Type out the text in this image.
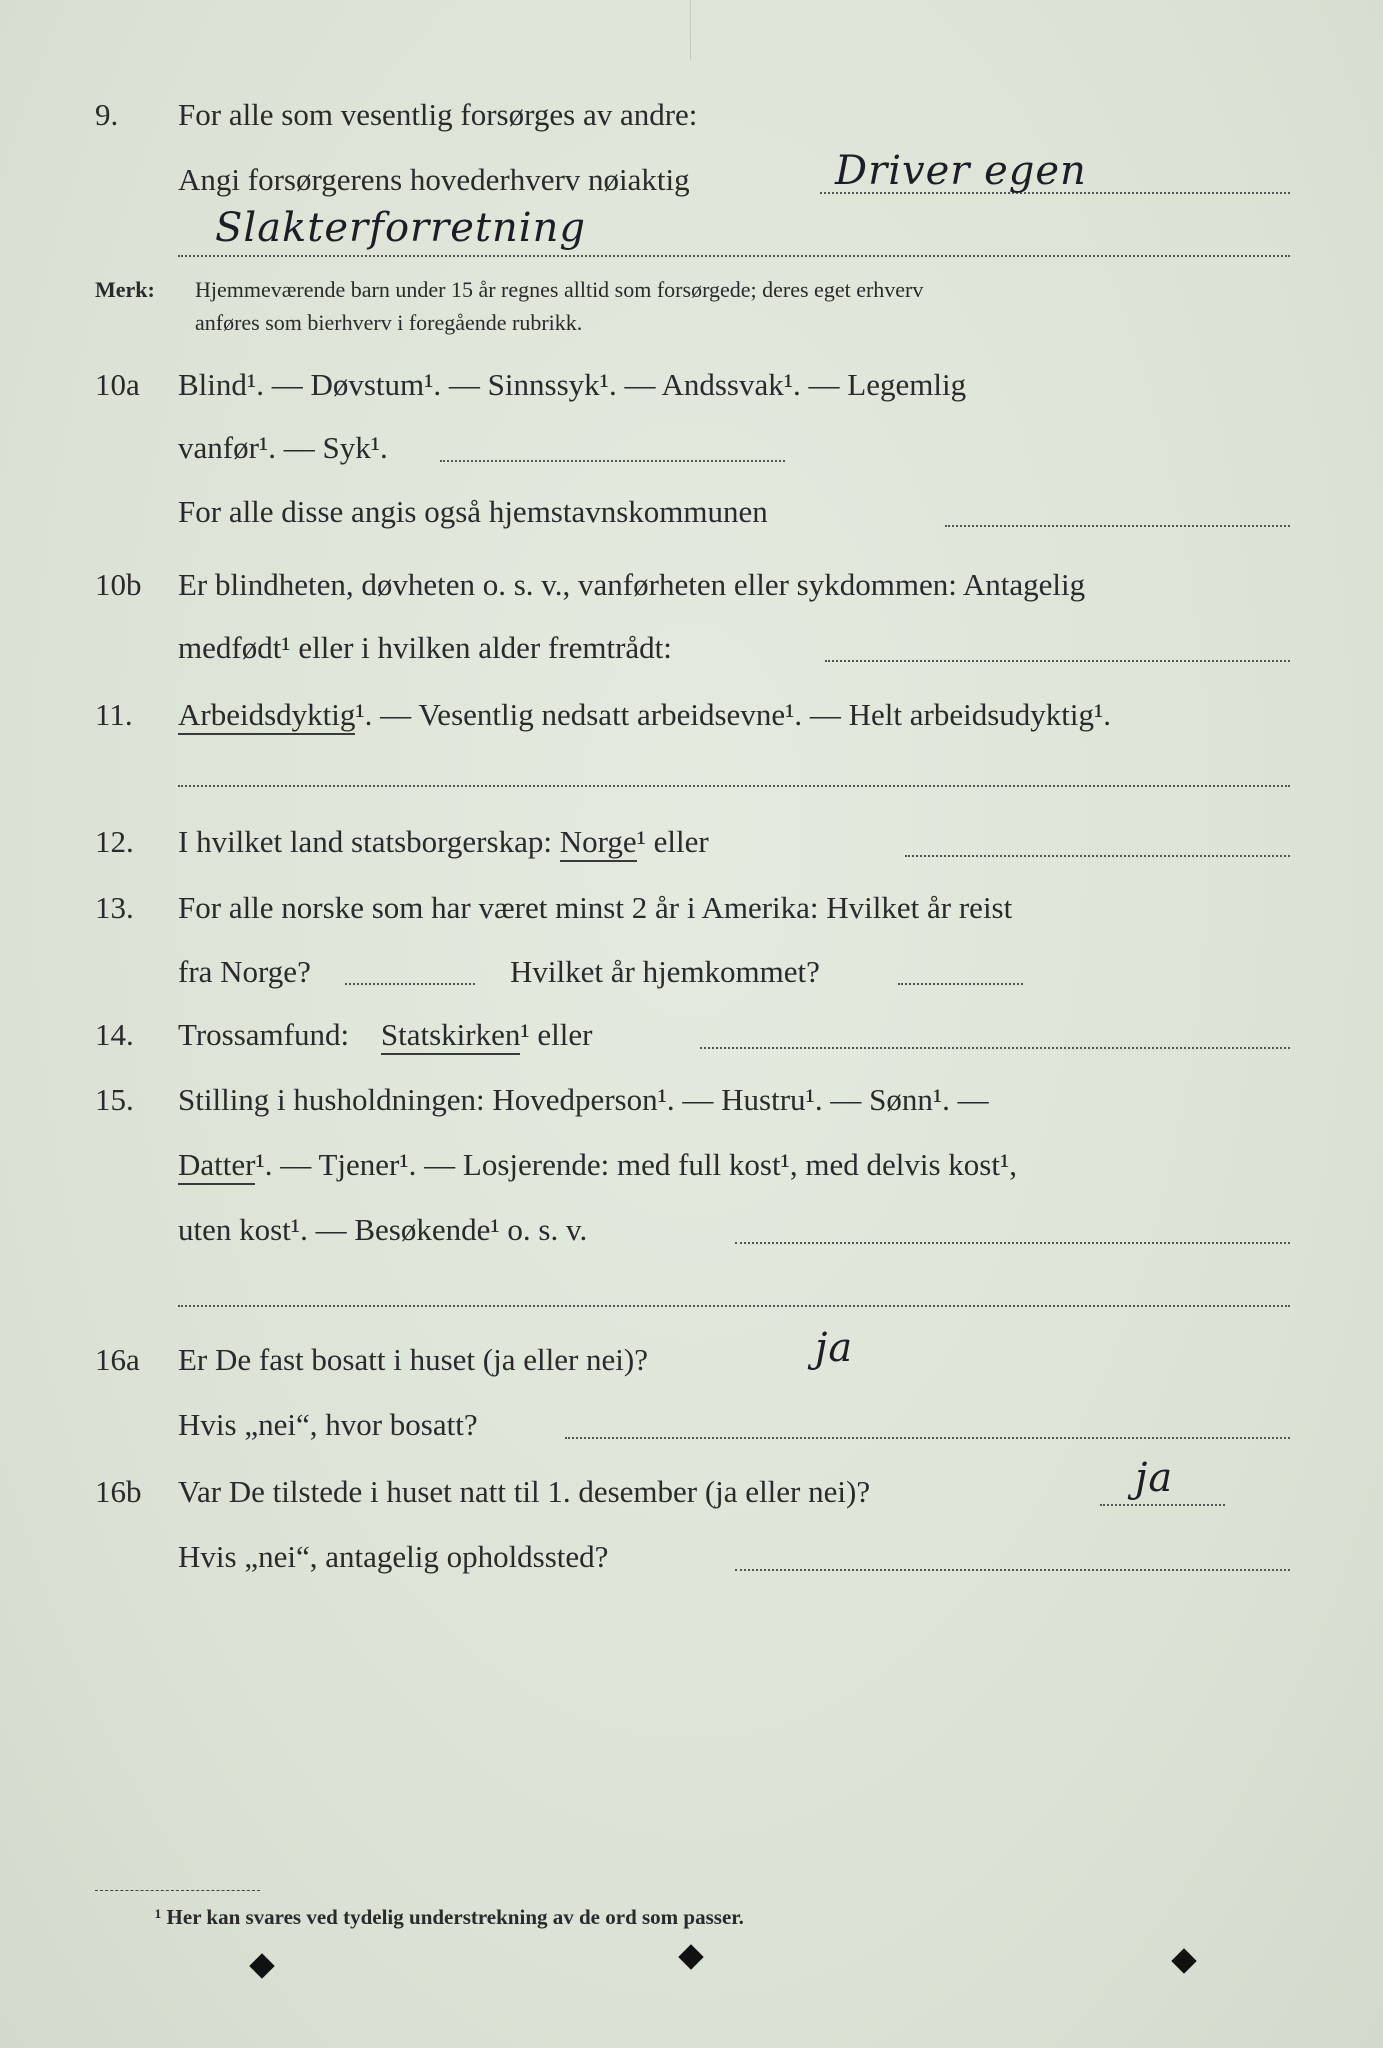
9. For alle som vesentlig forsørges av andre:
Angi forsørgerens hovederhverv nøiaktig	Driver egen
Slakterforretning
Merk: Hjemmeværende barn under 15 år regnes alltid som forsørgede; deres eget erhverv
anføres som bierhverv i foregående rubrikk.
10a Blind¹. — Døvstum¹. — Sinnssyk¹. — Andssvak¹. — Legemlig
vanfør¹. — Syk¹.
For alle disse angis også hjemstavnskommunen
10b Er blindheten, døvheten o. s. v., vanførheten eller sykdommen: Antagelig
medfødt¹ eller i hvilken alder fremtrådt:
11. Arbeidsdyktig¹. — Vesentlig nedsatt arbeidsevne¹. — Helt arbeidsudyktig¹.
12. I hvilket land statsborgerskap: Norge¹ eller
13. For alle norske som har været minst 2 år i Amerika: Hvilket år reist
fra Norge?	Hvilket år hjemkommet?
14. Trossamfund: Statskirken¹ eller
15. Stilling i husholdningen: Hovedperson¹. — Hustru¹. — Sønn¹. —
Datter¹. — Tjener¹. — Losjerende: med full kost¹, med delvis kost¹,
uten kost¹. — Besøkende¹ o. s. v.
16a Er De fast bosatt i huset (ja eller nei)?	ja
Hvis „nei“, hvor bosatt?
16b Var De tilstede i huset natt til 1. desember (ja eller nei)?	ja
Hvis „nei“, antagelig opholdssted?
¹ Her kan svares ved tydelig understrekning av de ord som passer.
